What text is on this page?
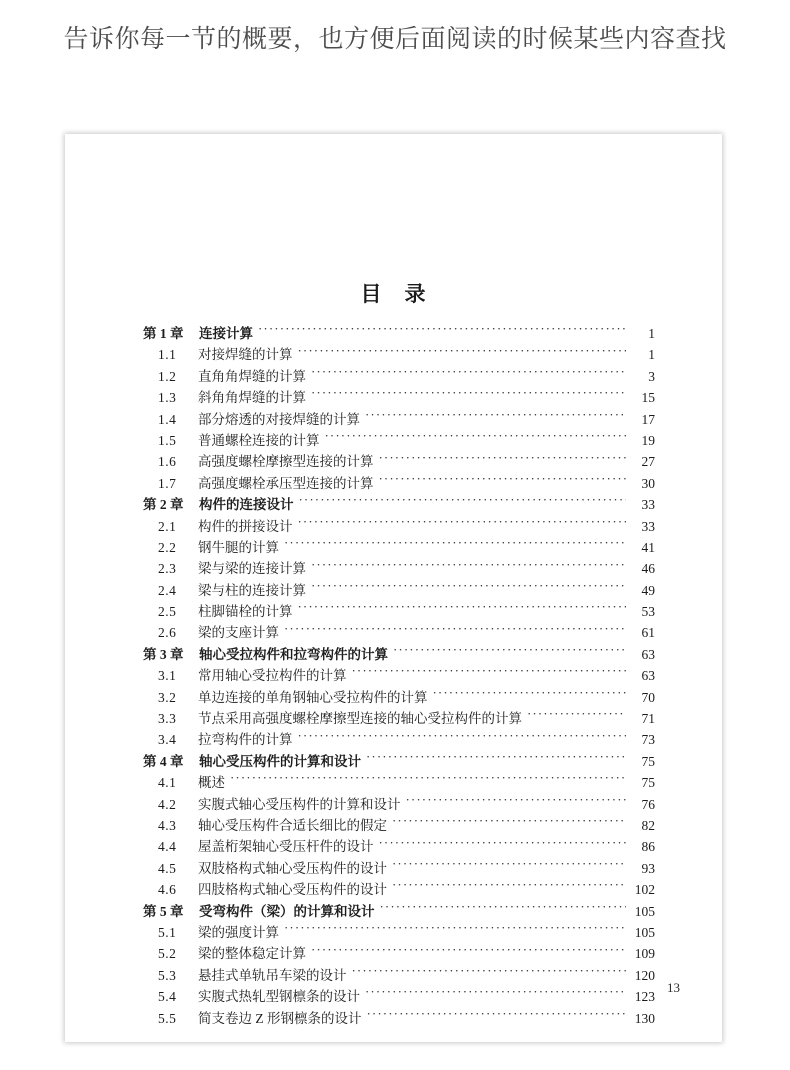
告诉你每一节的概要，也方便后面阅读的时候某些内容查找
目 录
第 1 章	连接计算 ·····	1
1.1	对接焊缝的计算 ·····	1
1.2	直角角焊缝的计算 ·····	3
1.3	斜角角焊缝的计算 ·····	15
1.4	部分熔透的对接焊缝的计算 ·····	17
1.5	普通螺栓连接的计算 ·····	19
1.6	高强度螺栓摩擦型连接的计算 ·····	27
1.7	高强度螺栓承压型连接的计算 ·····	30
第 2 章	构件的连接设计 ·····	33
2.1	构件的拼接设计 ·····	33
2.2	钢牛腿的计算 ·····	41
2.3	梁与梁的连接计算 ·····	46
2.4	梁与柱的连接计算 ·····	49
2.5	柱脚锚栓的计算 ·····	53
2.6	梁的支座计算 ·····	61
第 3 章	轴心受拉构件和拉弯构件的计算 ·····	63
3.1	常用轴心受拉构件的计算 ·····	63
3.2	单边连接的单角钢轴心受拉构件的计算 ·····	70
3.3	节点采用高强度螺栓摩擦型连接的轴心受拉构件的计算 ·····	71
3.4	拉弯构件的计算 ·····	73
第 4 章	轴心受压构件的计算和设计 ·····	75
4.1	概述 ·····	75
4.2	实腹式轴心受压构件的计算和设计 ·····	76
4.3	轴心受压构件合适长细比的假定 ·····	82
4.4	屋盖桁架轴心受压杆件的设计 ·····	86
4.5	双肢格构式轴心受压构件的设计 ·····	93
4.6	四肢格构式轴心受压构件的设计 ·····	102
第 5 章	受弯构件（梁）的计算和设计 ·····	105
5.1	梁的强度计算 ·····	105
5.2	梁的整体稳定计算 ·····	109
5.3	悬挂式单轨吊车梁的设计 ·····	120
5.4	实腹式热轧型钢檩条的设计 ·····	123
5.5	简支卷边 Z 形钢檩条的设计 ·····	130
13
